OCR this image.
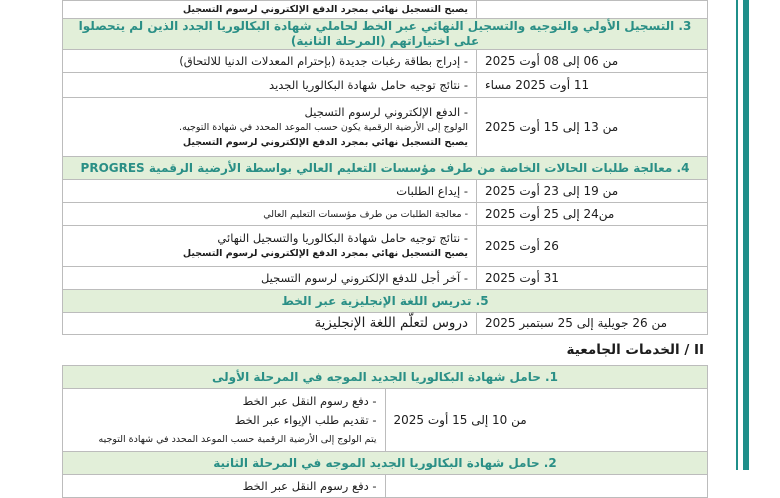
	يصبح التسجيل نهائي بمجرد الدفع الإلكتروني لرسوم التسجيل

3. التسجيل الأولي والتوجيه والتسجيل النهائي عبر الخط لحاملي شهادة البكالوريا الجدد الذين لم يتحصلوا على اختياراتهم (المرحلة الثانية)	
من 06 إلى 08 أوت 2025	- إدراج بطاقة رغبات جديدة (بإحترام المعدلات الدنيا للالتحاق)
11 أوت 2025 مساء	- نتائج توجيه حامل شهادة البكالوريا الجديد
من 13 إلى 15 أوت 2025	- الدفع الإلكتروني لرسوم التسجيل
الولوج إلى الأرضية الرقمية يكون حسب الموعد المحدد في شهادة التوجيه.
يصبح التسجيل نهائي بمجرد الدفع الإلكتروني لرسوم التسجيل

4. معالجة طلبات الحالات الخاصة من طرف مؤسسات التعليم العالي بواسطة الأرضية الرقمية PROGRES	
من 19 إلى 23 أوت 2025	- إيداع الطلبات
من24 إلى 25 أوت 2025	- معالجة الطلبات من طرف مؤسسات التعليم العالي
26 أوت 2025	- نتائج توجيه حامل شهادة البكالوريا والتسجيل النهائي
يصبح التسجيل نهائي بمجرد الدفع الإلكتروني لرسوم التسجيل

31 أوت 2025	- آخر أجل للدفع الإلكتروني لرسوم التسجيل
5. تدريس اللغة الإنجليزية عبر الخط	
من 26 جويلية إلى 25 سبتمبر 2025	دروس لتعلّم اللغة الإنجليزية
II / الخدمات الجامعية
1. حامل شهادة البكالوريا الجديد الموجه في المرحلة الأولى	
من 10 إلى 15 أوت 2025	- دفع رسوم النقل عبر الخط
- تقديم طلب الإيواء عبر الخط
يتم الولوج إلى الأرضية الرقمية حسب الموعد المحدد في شهادة التوجيه

2. حامل شهادة البكالوريا الجديد الموجه في المرحلة الثانية	
	- دفع رسوم النقل عبر الخط
